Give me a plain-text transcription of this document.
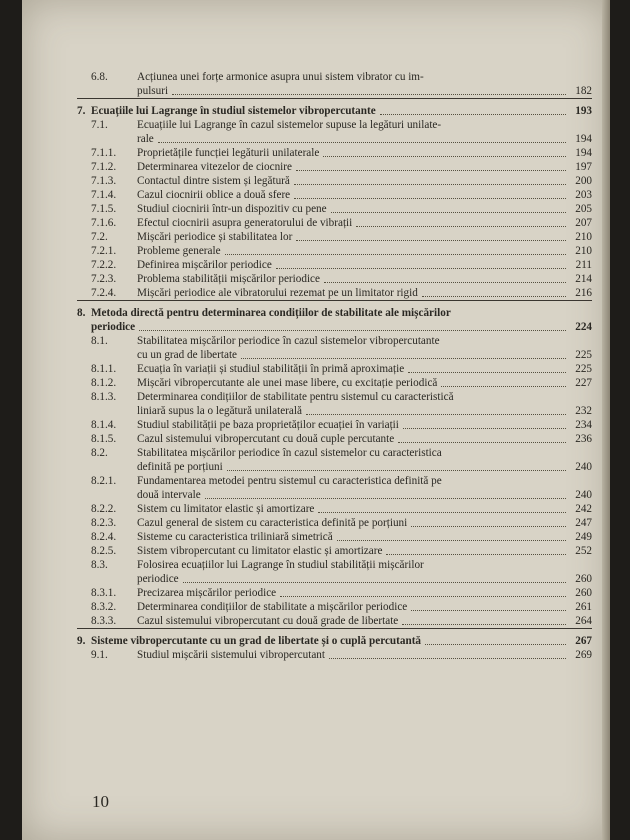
6.8.	Acțiunea unei forțe armonice asupra unui sistem vibrator cu im-
pulsuri	182
7. Ecuațiile lui Lagrange în studiul sistemelor vibropercutante	193
7.1.	Ecuațiile lui Lagrange în cazul sistemelor supuse la legături unilate-
rale	194
7.1.1. Proprietățile funcției legăturii unilaterale	194
7.1.2. Determinarea vitezelor de ciocnire	197
7.1.3. Contactul dintre sistem și legătură	200
7.1.4. Cazul ciocnirii oblice a două sfere	203
7.1.5. Studiul ciocnirii într-un dispozitiv cu pene	205
7.1.6. Efectul ciocnirii asupra generatorului de vibrații	207
7.2.	Mișcări periodice și stabilitatea lor	210
7.2.1. Probleme generale	210
7.2.2. Definirea mișcărilor periodice	211
7.2.3. Problema stabilității mișcărilor periodice	214
7.2.4. Mișcări periodice ale vibratorului rezemat pe un limitator rigid	216
8. Metoda directă pentru determinarea condițiilor de stabilitate ale mișcărilor
periodice	224
8.1.	Stabilitatea mișcărilor periodice în cazul sistemelor vibropercutante
cu un grad de libertate	225
8.1.1. Ecuația în variații și studiul stabilității în primă aproximație	225
8.1.2. Mișcări vibropercutante ale unei mase libere, cu excitație periodică	227
8.1.3. Determinarea condițiilor de stabilitate pentru sistemul cu caracteristică
liniară supus la o legătură unilaterală	232
8.1.4. Studiul stabilității pe baza proprietăților ecuației în variații	234
8.1.5. Cazul sistemului vibropercutant cu două cuple percutante	236
8.2.	Stabilitatea mișcărilor periodice în cazul sistemelor cu caracteristica
definită pe porțiuni	240
8.2.1. Fundamentarea metodei pentru sistemul cu caracteristica definită pe
două intervale	240
8.2.2. Sistem cu limitator elastic și amortizare	242
8.2.3. Cazul general de sistem cu caracteristica definită pe porțiuni	247
8.2.4. Sisteme cu caracteristica triliniară simetrică	249
8.2.5. Sistem vibropercutant cu limitator elastic și amortizare	252
8.3.	Folosirea ecuațiilor lui Lagrange în studiul stabilității mișcărilor
periodice	260
8.3.1. Precizarea mișcărilor periodice	260
8.3.2. Determinarea condițiilor de stabilitate a mișcărilor periodice	261
8.3.3. Cazul sistemului vibropercutant cu două grade de libertate	264
9. Sisteme vibropercutante cu un grad de libertate și o cuplă percutantă	267
9.1.	Studiul mișcării sistemului vibropercutant	269
10
